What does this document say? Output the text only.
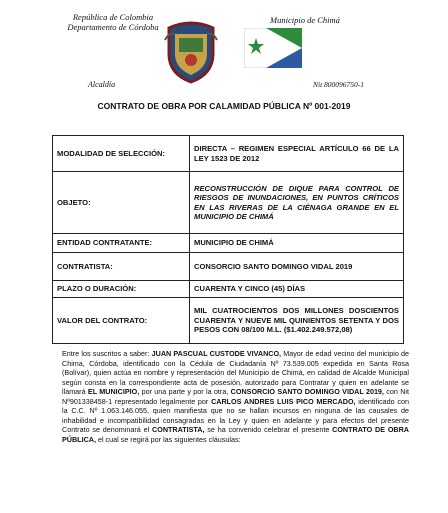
República de Colombia
Departamento de Córdoba
Alcaldía
Municipio de Chimá
Nit 800096750-1
CONTRATO DE OBRA POR CALAMIDAD PÚBLICA Nº 001-2019
MODALIDAD DE SELECCIÓN:	DIRECTA – REGIMEN ESPECIAL ARTÍCULO 66 DE LA LEY 1523 DE 2012
OBJETO:	RECONSTRUCCIÓN DE DIQUE PARA CONTROL DE RIESGOS DE INUNDACIONES, EN PUNTOS CRÍTICOS EN LAS RIVERAS DE LA CIÉNAGA GRANDE EN EL MUNICIPIO DE CHIMÁ
ENTIDAD CONTRATANTE:	MUNICIPIO DE CHIMÁ
CONTRATISTA:	CONSORCIO SANTO DOMINGO VIDAL 2019
PLAZO O DURACIÓN:	CUARENTA Y CINCO (45) DÍAS
VALOR DEL CONTRATO:	MIL CUATROCIENTOS DOS MILLONES DOSCIENTOS CUARENTA Y NUEVE MIL QUINIENTOS SETENTA Y DOS PESOS CON 08/100 M.L. ($1.402.249.572,08)
Entre los suscritos a saber: JUAN PASCUAL CUSTODE VIVANCO, Mayor de edad vecino del municipio de Chima, Córdoba, identificado con la Cédula de Ciudadanía Nº 73.539.005 expedida en Santa Rosa (Bolívar), quien actúa en nombre y representación del Municipio de Chimá, en calidad de Alcalde Municipal según consta en la correspondiente acta de posesión, autorizado para Contratar y quien en adelante se llamará EL MUNICIPIO, por una parte y por la otra, CONSORCIO SANTO DOMINGO VIDAL 2019, con Nit Nº901338458-1 representado legalmente por CARLOS ANDRES LUIS PICO MERCADO, identificado con la C.C. Nº 1.063.146.055, quien manifiesta que no se hallan incursos en ninguna de las causales de inhabilidad e incompatibilidad consagradas en la Ley y quien en adelante y para efectos del presente Contrato se denominará el CONTRATISTA, se ha convenido celebrar el presente CONTRATO DE OBRA PÚBLICA, el cual se regirá por las siguientes cláusulas:
